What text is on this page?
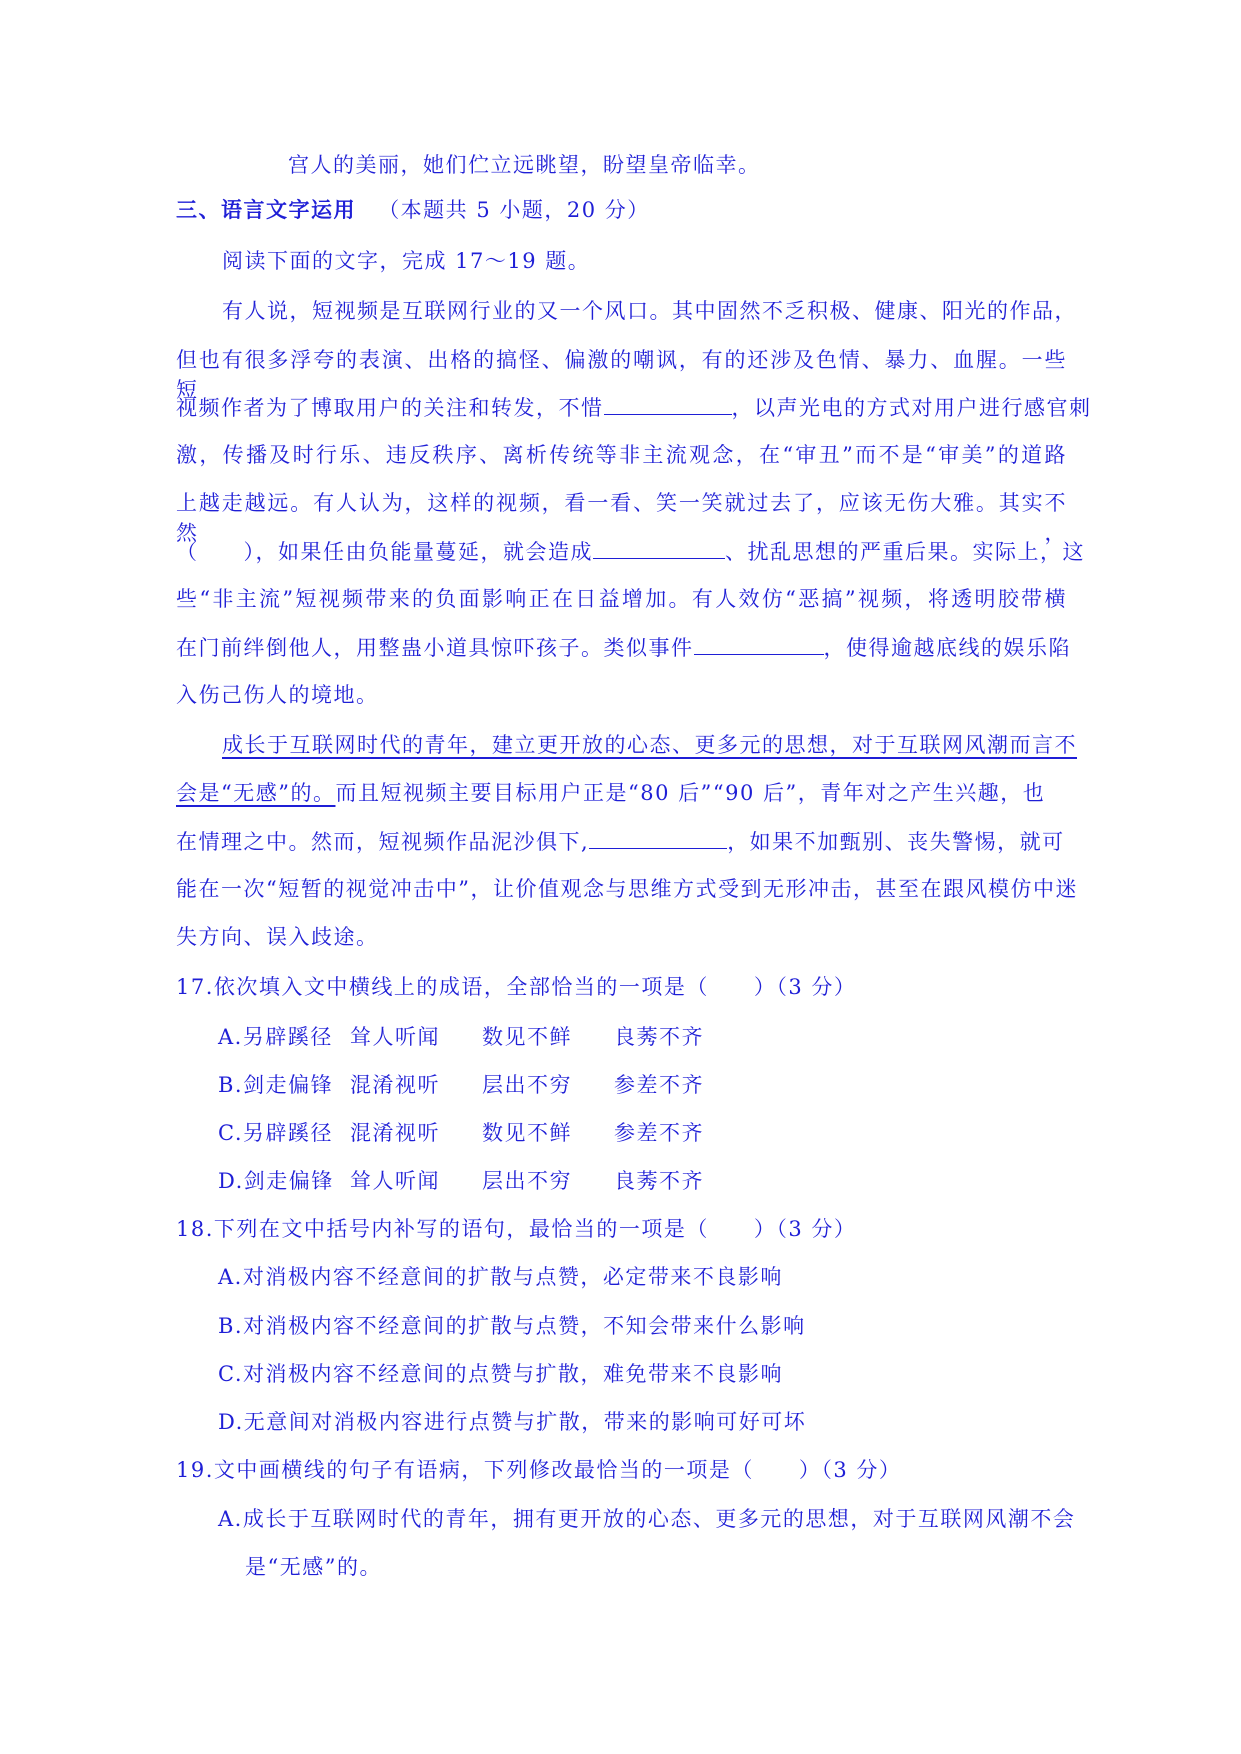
宫人的美丽，她们伫立远眺望，盼望皇帝临幸。
三、语言文字运用 （本题共 5 小题，20 分）
阅读下面的文字，完成 17～19 题。
有人说，短视频是互联网行业的又一个风口。其中固然不乏积极、健康、阳光的作品，
但也有很多浮夸的表演、出格的搞怪、偏激的嘲讽，有的还涉及色情、暴力、血腥。一些短
视频作者为了博取用户的关注和转发，不惜	，以声光电的方式对用户进行感官刺
激，传播及时行乐、违反秩序、离析传统等非主流观念，在“审丑”而不是“审美”的道路
上越走越远。有人认为，这样的视频，看一看、笑一笑就过去了，应该无伤大雅。其实不然，
（　　），如果任由负能量蔓延，就会造成	、扰乱思想的严重后果。实际上，这
些“非主流”短视频带来的负面影响正在日益增加。有人效仿“恶搞”视频，将透明胶带横
在门前绊倒他人，用整蛊小道具惊吓孩子。类似事件	，使得逾越底线的娱乐陷
入伤己伤人的境地。
成长于互联网时代的青年，建立更开放的心态、更多元的思想，对于互联网风潮而言不
会是“无感”的。而且短视频主要目标用户正是“80 后”“90 后”，青年对之产生兴趣，也
在情理之中。然而，短视频作品泥沙俱下,	，如果不加甄别、丧失警惕，就可
能在一次“短暂的视觉冲击中”，让价值观念与思维方式受到无形冲击，甚至在跟风模仿中迷
失方向、误入歧途。
17.依次填入文中横线上的成语，全部恰当的一项是（　　）（3 分）
A.另辟蹊径 耸人听闻 数见不鲜 良莠不齐
B.剑走偏锋 混淆视听 层出不穷 参差不齐
C.另辟蹊径 混淆视听 数见不鲜 参差不齐
D.剑走偏锋 耸人听闻 层出不穷 良莠不齐
18.下列在文中括号内补写的语句，最恰当的一项是（　　）（3 分）
A.对消极内容不经意间的扩散与点赞，必定带来不良影响
B.对消极内容不经意间的扩散与点赞，不知会带来什么影响
C.对消极内容不经意间的点赞与扩散，难免带来不良影响
D.无意间对消极内容进行点赞与扩散，带来的影响可好可坏
19.文中画横线的句子有语病，下列修改最恰当的一项是（　　）（3 分）
A.成长于互联网时代的青年，拥有更开放的心态、更多元的思想，对于互联网风潮不会
是“无感”的。
